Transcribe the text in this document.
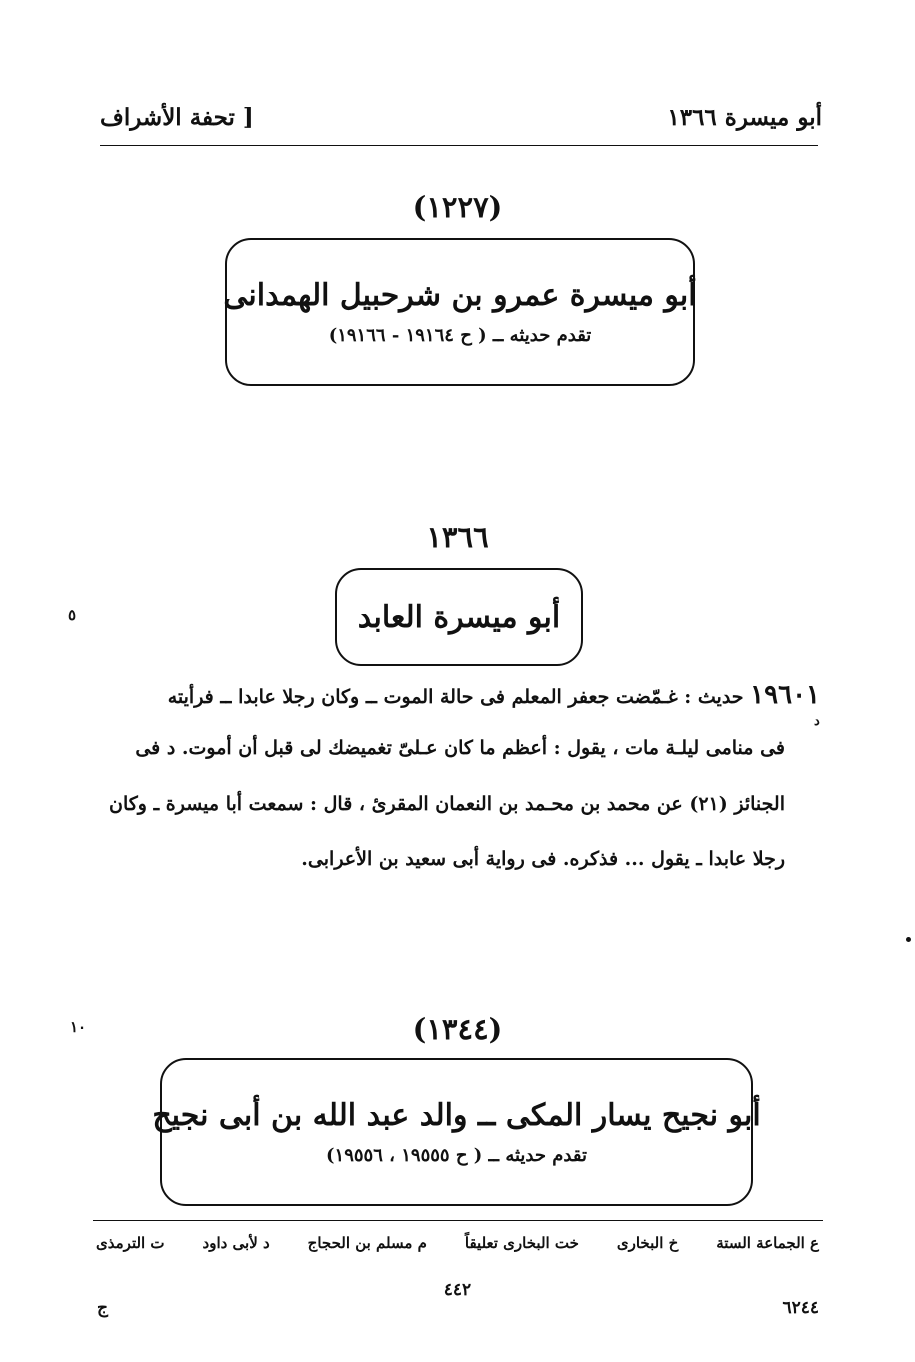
أبو ميسرة ١٣٦٦
[ تحفة الأشراف
(١٢٢٧)
أبو ميسرة عمرو بن شرحبيل الهمدانى
تقدم حديثه ــ ( ح ١٩١٦٤ - ١٩١٦٦)
١٣٦٦
أبو ميسرة العابد
٥
١٩٦٠١ حديث : غـمّضت جعفر المعلم فى حالة الموت ــ وكان رجلا عابدا ــ فرأيته
د
فى منامى ليلـة مات ، يقول : أعظم ما كان عـلىّ تغميضك لى قبل أن أموت. د فى
الجنائز (٢١) عن محمد بن محـمد بن النعمان المقرئ ، قال : سمعت أبا ميسرة ـ وكان
رجلا عابدا ـ يقول ... فذكره. فى رواية أبى سعيد بن الأعرابى.
(١٣٤٤)
١٠
أبو نجيح يسار المكى ــ والد عبد الله بن أبى نجيح
تقدم حديثه ــ ( ح ١٩٥٥٥ ، ١٩٥٥٦)
ع الجماعة الستة
خ البخارى
خت البخارى تعليقاً
م مسلم بن الحجاج
د لأبى داود
ت الترمذى
٤٤٢
٦٢٤٤
ج
